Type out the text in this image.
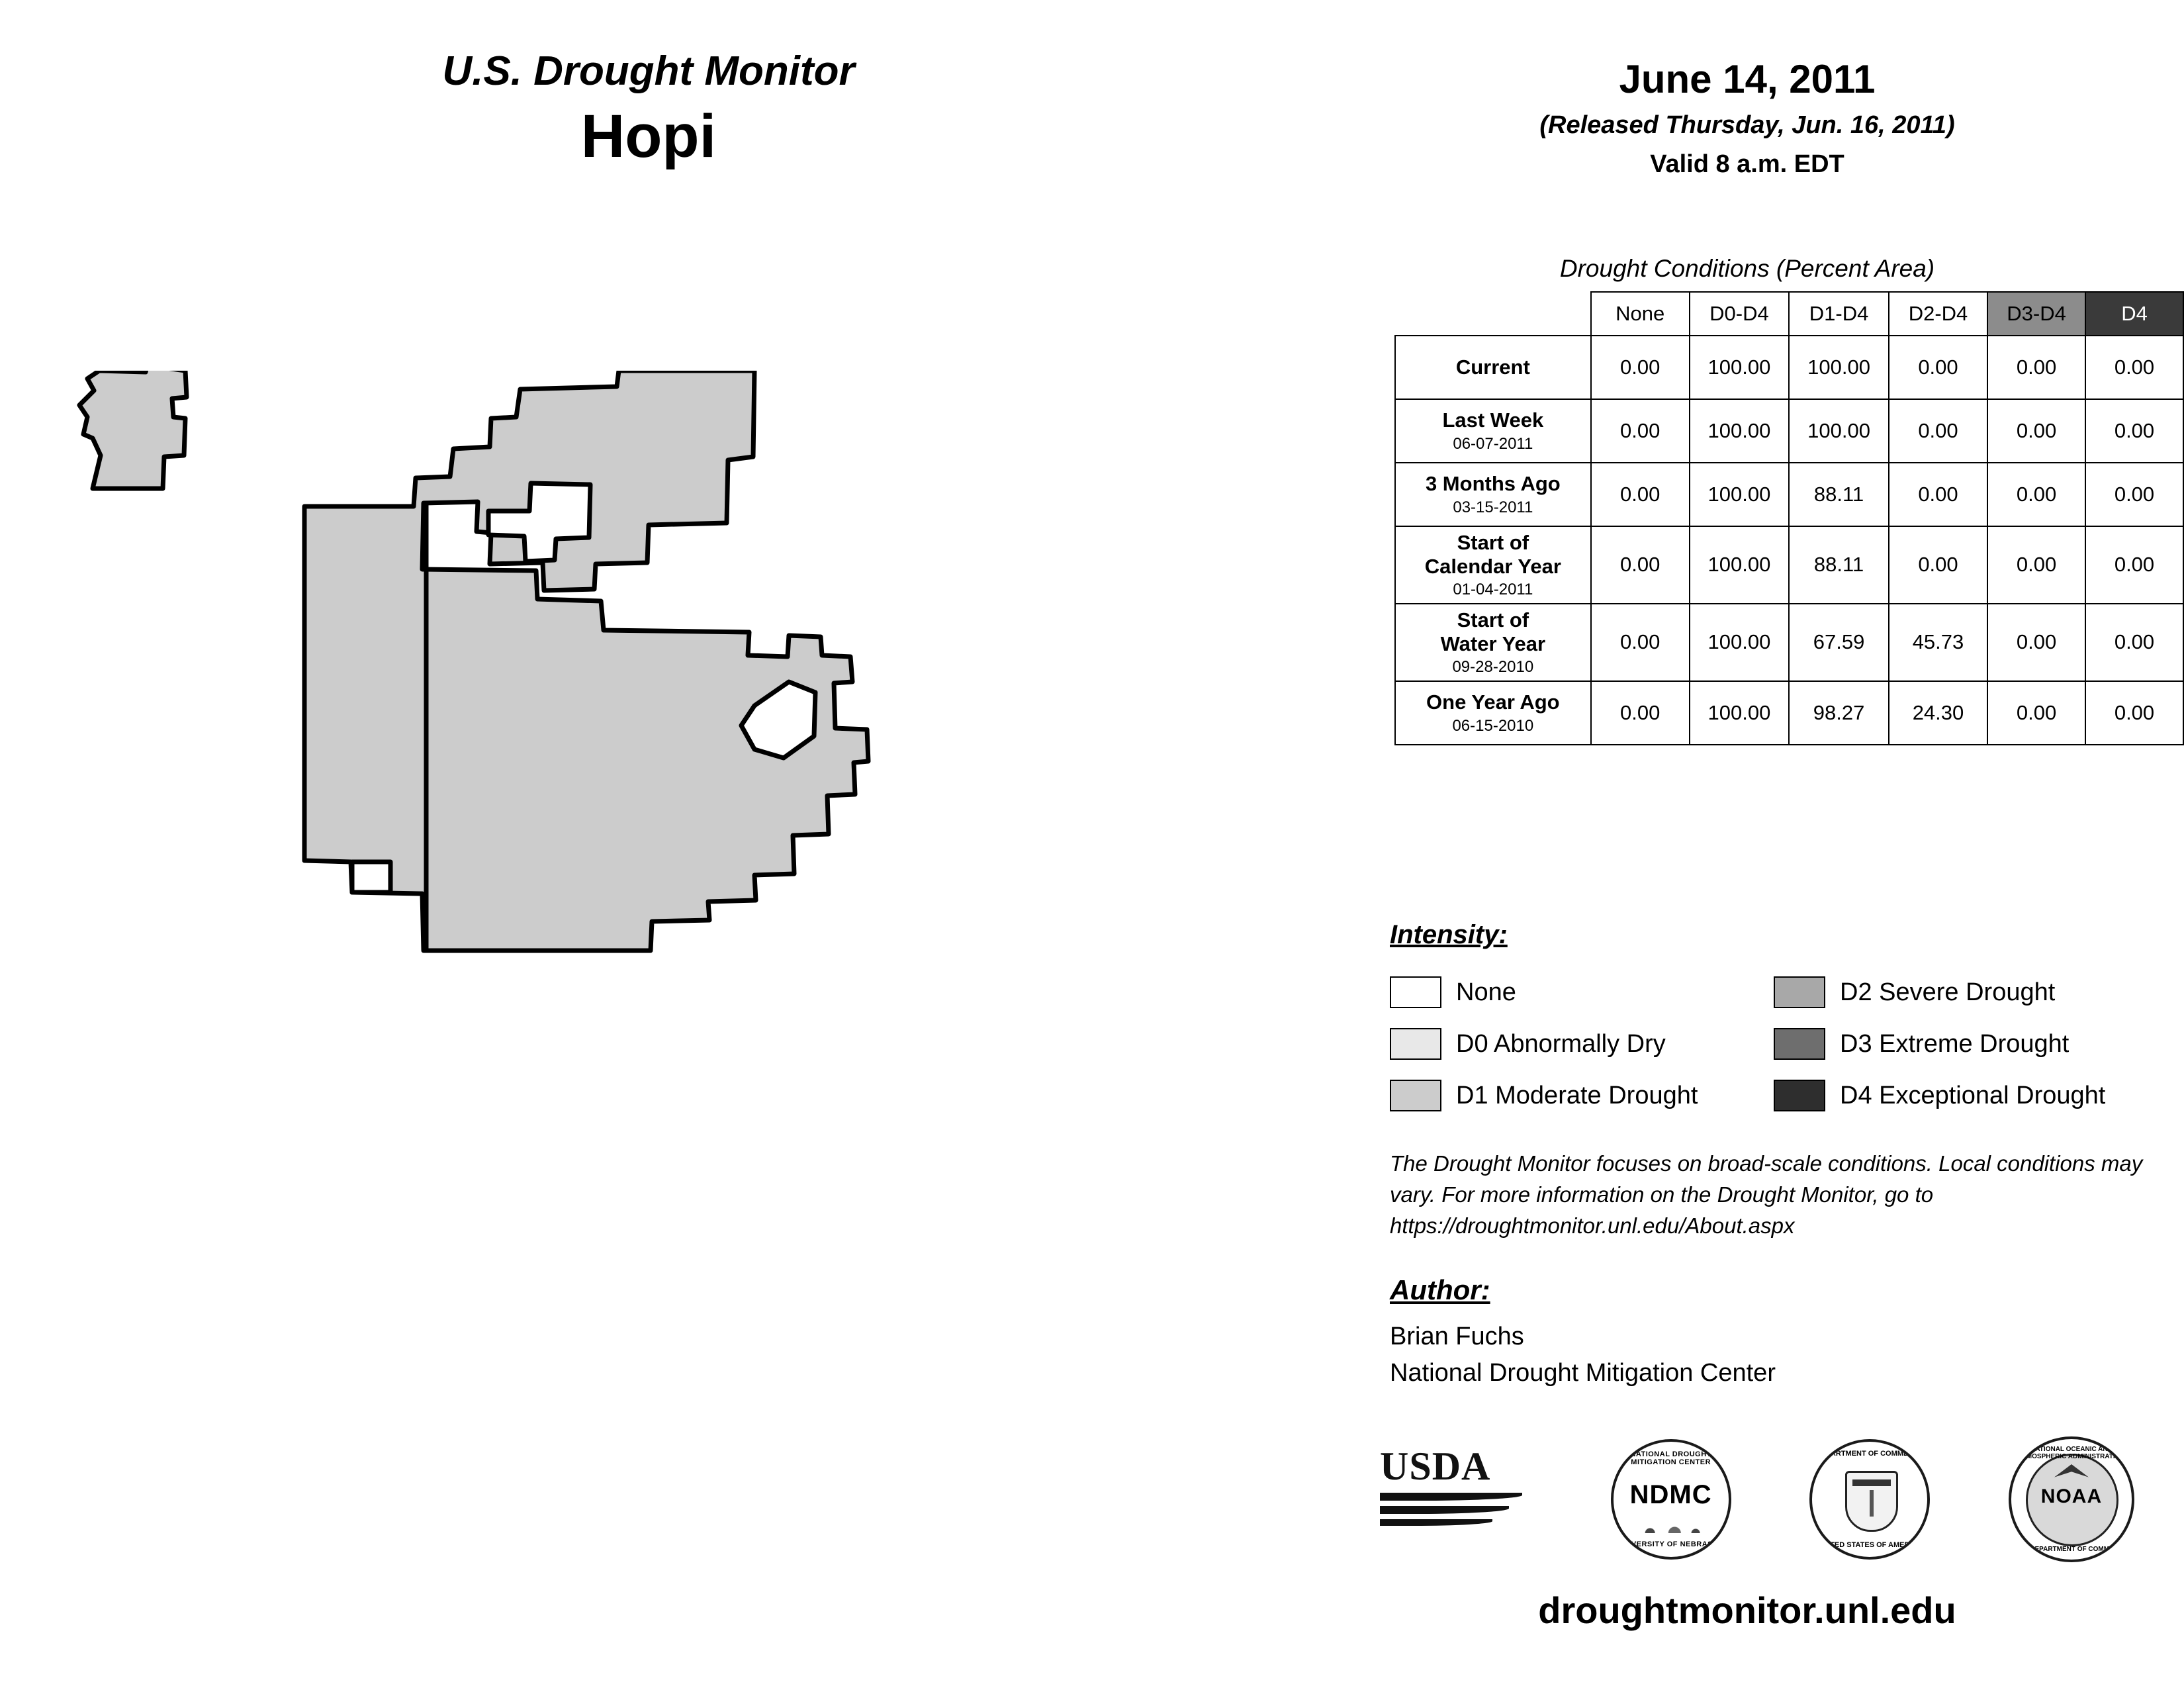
U.S. Drought Monitor
Hopi
June 14, 2011
(Released Thursday, Jun. 16, 2011)
Valid 8 a.m. EDT
Drought Conditions (Percent Area)
	None	D0-D4	D1-D4	D2-D4	D3-D4	D4

Current	0.00	100.00	100.00	0.00	0.00	0.00

Last Week
06-07-2011	0.00	100.00	100.00	0.00	0.00	0.00

3 Months Ago
03-15-2011	0.00	100.00	88.11	0.00	0.00	0.00

Start of
Calendar Year
01-04-2011	0.00	100.00	88.11	0.00	0.00	0.00

Start of
Water Year
09-28-2010	0.00	100.00	67.59	45.73	0.00	0.00

One Year Ago
06-15-2010	0.00	100.00	98.27	24.30	0.00	0.00
Intensity:
None
D0 Abnormally Dry
D1 Moderate Drought
D2 Severe Drought
D3 Extreme Drought
D4 Exceptional Drought
The Drought Monitor focuses on broad-scale conditions. Local conditions may vary. For more information on the Drought Monitor, go to https://droughtmonitor.unl.edu/About.aspx
Author:
Brian Fuchs
National Drought Mitigation Center
USDA	NATIONAL DROUGHT MITIGATION CENTER
NDMC
UNIVERSITY OF NEBRASKA
DEPARTMENT OF COMMERCE
UNITED STATES OF AMERICA
NATIONAL OCEANIC AND ATMOSPHERIC ADMINISTRATION
NOAA
U.S. DEPARTMENT OF COMMERCE
droughtmonitor.unl.edu
